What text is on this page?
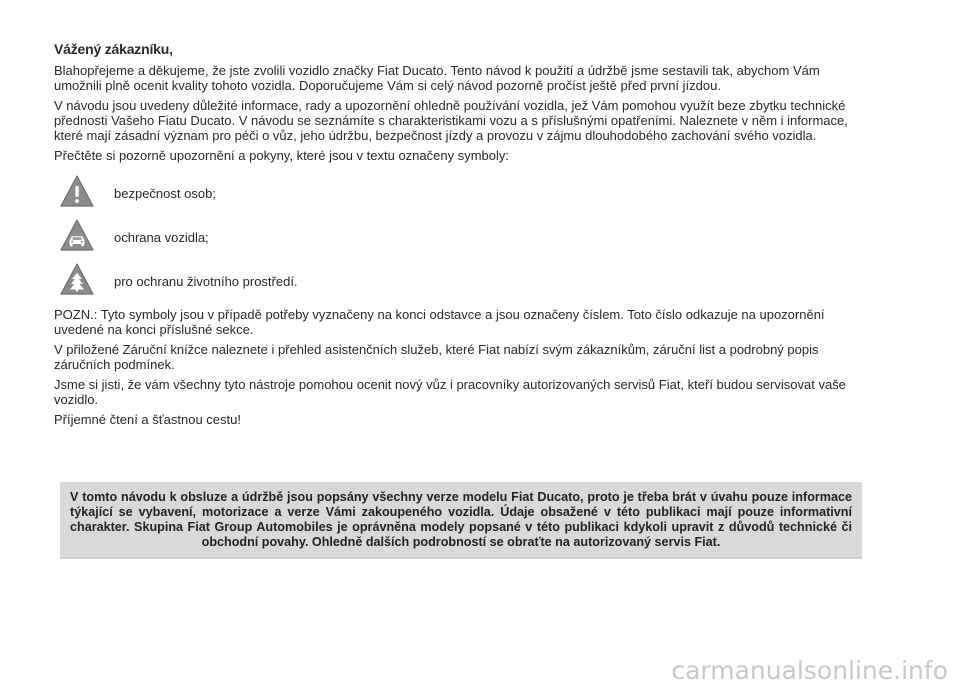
Vážený zákazníku,

Blahopřejeme a děkujeme, že jste zvolili vozidlo značky Fiat Ducato. Tento návod k použití a údržbě jsme sestavili tak, abychom Vám umožnili plně ocenit kvality tohoto vozidla. Doporučujeme Vám si celý návod pozorně pročíst ještě před první jízdou.

V návodu jsou uvedeny důležité informace, rady a upozornění ohledně používání vozidla, jež Vám pomohou využít beze zbytku technické přednosti Vašeho Fiatu Ducato. V návodu se seznámíte s charakteristikami vozu a s příslušnými opatřeními. Naleznete v něm i informace, které mají zásadní význam pro péči o vůz, jeho údržbu, bezpečnost jízdy a provozu v zájmu dlouhodobého zachování svého vozidla.

Přečtěte si pozorně upozornění a pokyny, které jsou v textu označeny symboly:

bezpečnost osob;
ochrana vozidla;
pro ochranu životního prostředí.

POZN.: Tyto symboly jsou v případě potřeby vyznačeny na konci odstavce a jsou označeny číslem. Toto číslo odkazuje na upozornění uvedené na konci příslušné sekce.

V přiložené Záruční knížce naleznete i přehled asistenčních služeb, které Fiat nabízí svým zákazníkům, záruční list a podrobný popis záručních podmínek.

Jsme si jisti, že vám všechny tyto nástroje pomohou ocenit nový vůz i pracovníky autorizovaných servisů Fiat, kteří budou servisovat vaše vozidlo.

Příjemné čtení a šťastnou cestu!

V tomto návodu k obsluze a údržbě jsou popsány všechny verze modelu Fiat Ducato, proto je třeba brát v úvahu pouze informace týkající se vybavení, motorizace a verze Vámi zakoupeného vozidla. Údaje obsažené v této publikaci mají pouze informativní charakter. Skupina Fiat Group Automobiles je oprávněna modely popsané v této publikaci kdykoli upravit z důvodů technické či obchodní povahy. Ohledně dalších podrobností se obraťte na autorizovaný servis Fiat.
carmanualsonline.info
